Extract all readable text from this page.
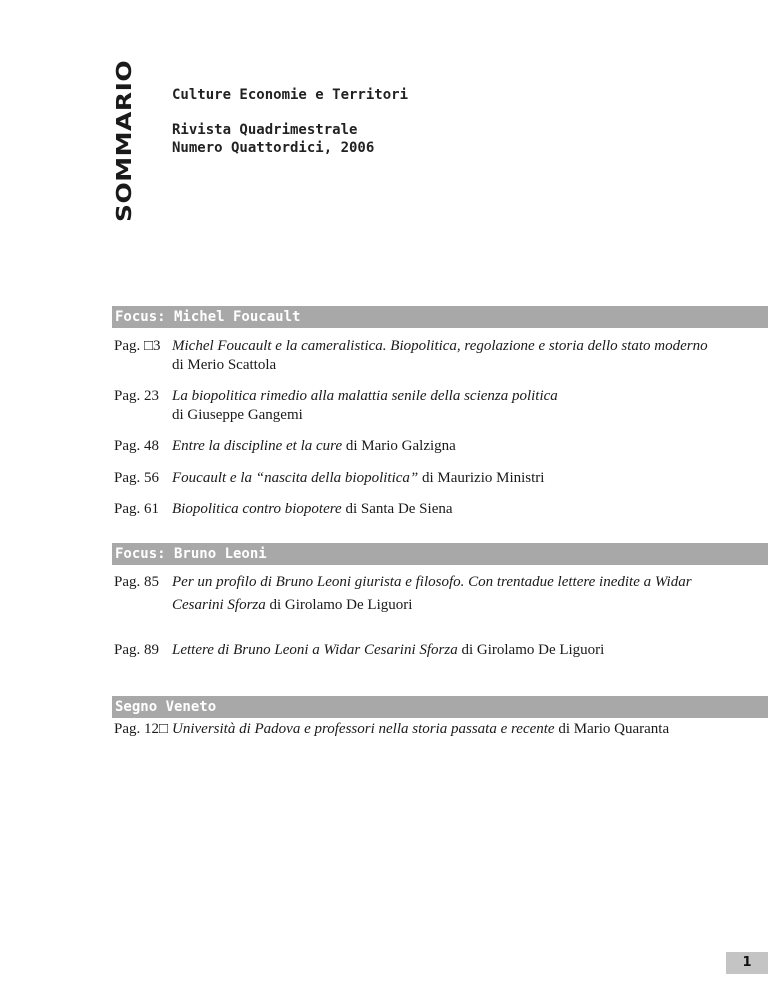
SOMMARIO	Culture Economie e Territori
Rivista Quadrimestrale
Numero Quattordici, 2006
Focus: Michel Foucault
Pag. □3 Michel Foucault e la cameralistica. Biopolitica, regolazione e storia dello stato moderno
di Merio Scattola
Pag. 23 La biopolitica rimedio alla malattia senile della scienza politica
di Giuseppe Gangemi
Pag. 48 Entre la discipline et la cure di Mario Galzigna
Pag. 56 Foucault e la “nascita della biopolitica” di Maurizio Ministri
Pag. 61 Biopolitica contro biopotere di Santa De Siena
Focus: Bruno Leoni
Pag. 85 Per un profilo di Bruno Leoni giurista e filosofo. Con trentadue lettere inedite a Widar Cesarini Sforza di Girolamo De Liguori
Pag. 89 Lettere di Bruno Leoni a Widar Cesarini Sforza di Girolamo De Liguori
Segno Veneto
Pag. 12□ Università di Padova e professori nella storia passata e recente di Mario Quaranta
1
